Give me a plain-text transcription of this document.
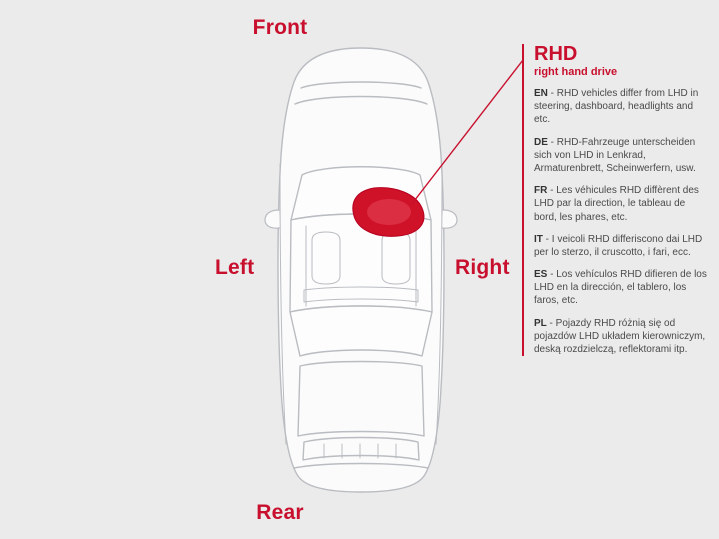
Front
Rear
Left	Right
RHD
right hand drive

EN - RHD vehicles differ from LHD in steering, dashboard, headlights and etc.

DE - RHD-Fahrzeuge unterscheiden sich von LHD in Lenkrad, Armaturenbrett, Scheinwerfern, usw.

FR - Les véhicules RHD diffèrent des LHD par la direction, le tableau de bord, les phares, etc.

IT - I veicoli RHD differiscono dai LHD per lo sterzo, il cruscotto, i fari, ecc.

ES - Los vehículos RHD difieren de los LHD en la dirección, el tablero, los faros, etc.

PL - Pojazdy RHD różnią się od pojazdów LHD układem kierowniczym, deską rozdzielczą, reflektorami itp.
